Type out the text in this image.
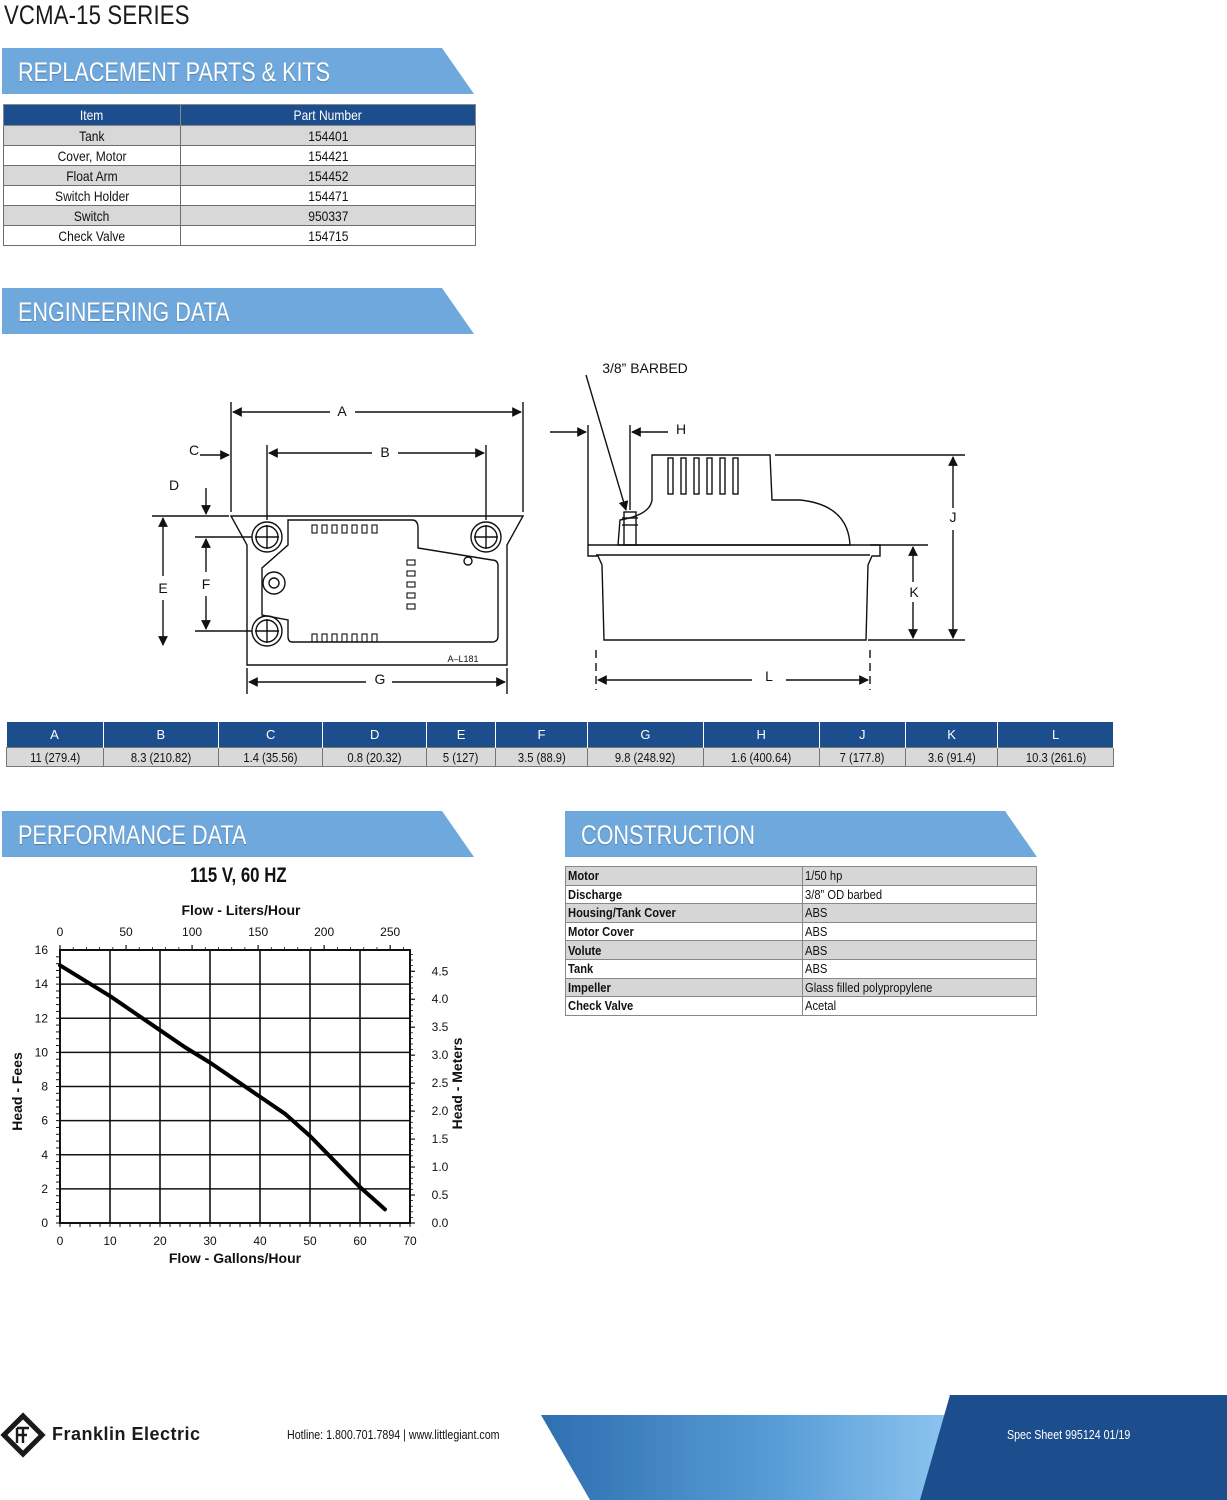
VCMA-15 SERIES
REPLACEMENT PARTS & KITS
Item	Part Number
Tank	154401
Cover, Motor	154421
Float Arm	154452
Switch Holder	154471
Switch	950337
Check Valve	154715
ENGINEERING DATA
A
B
C
D
E F
G
H
J
K
L
3/8” BARBED
A–L181
A	B	C	D	E	F	G	H	J	K	L
11 (279.4)	8.3 (210.82)	1.4 (35.56)	0.8 (20.32)	5 (127)	3.5 (88.9)	9.8 (248.92)	1.6 (400.64)	7 (177.8)	3.6 (91.4)	10.3 (261.6)
PERFORMANCE DATA	CONSTRUCTION
115 V, 60 HZ
0	10	20	30	40	50	60	70
0
2
4
6
8
10
12
14
16
0	50	100	150	200	250
0.0
0.5
1.0
1.5
2.0
2.5
3.0
3.5
4.0
4.5
Flow - Gallons/Hour
Flow - Liters/Hour
Head - Fees	Head - Meters
Motor	1/50 hp
Discharge	3/8” OD barbed
Housing/Tank Cover	ABS
Motor Cover	ABS
Volute	ABS
Tank	ABS
Impeller	Glass filled polypropylene
Check Valve	Acetal
Franklin Electric	Hotline: 1.800.701.7894 | www.littlegiant.com	Spec Sheet 995124 01/19
